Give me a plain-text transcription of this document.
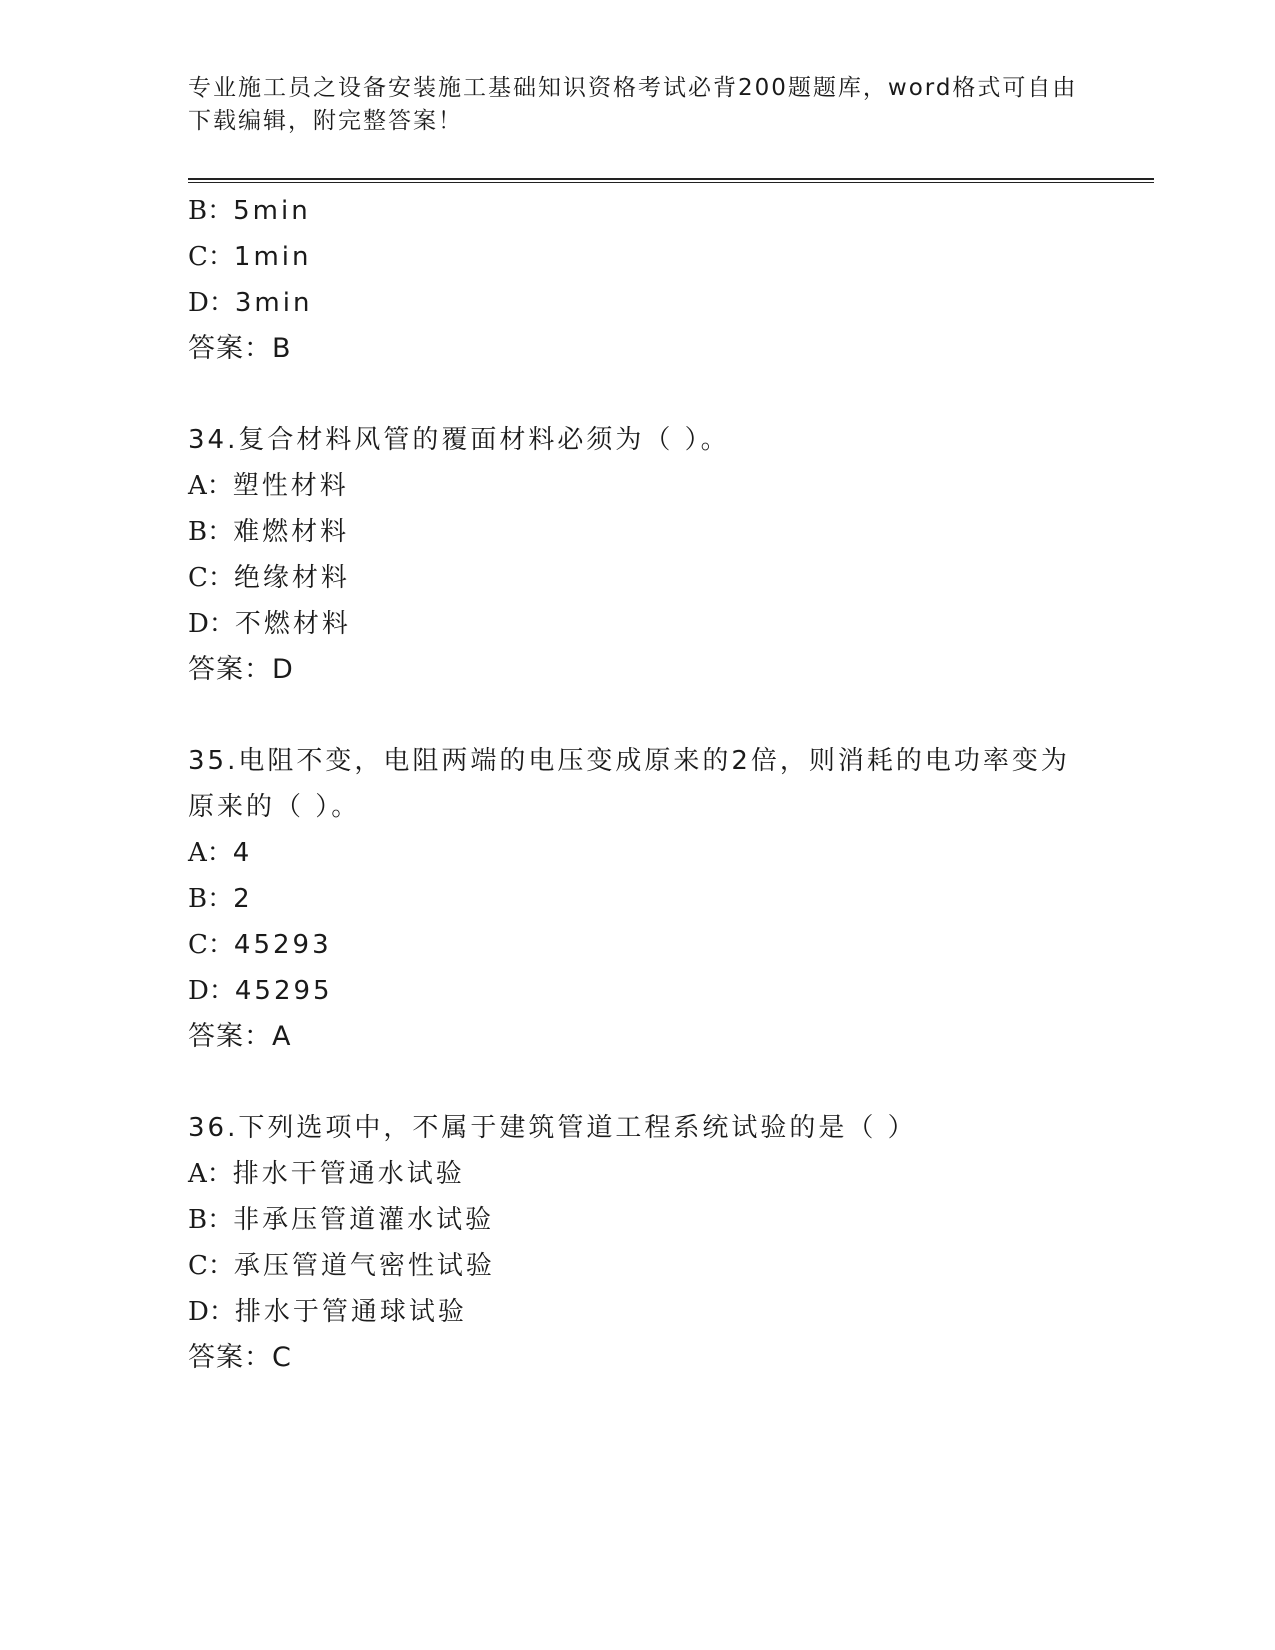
专业施工员之设备安装施工基础知识资格考试必背200题题库，word格式可自由
下载编辑，附完整答案！
B：5min
C：1min
D：3min
答案：B
34.复合材料风管的覆面材料必须为（ ）。
A：塑性材料
B：难燃材料
C：绝缘材料
D：不燃材料
答案：D
35.电阻不变，电阻两端的电压变成原来的2倍，则消耗的电功率变为
原来的（ ）。
A：4
B：2
C：45293
D：45295
答案：A
36.下列选项中，不属于建筑管道工程系统试验的是（ ）
A：排水干管通水试验
B：非承压管道灌水试验
C：承压管道气密性试验
D：排水于管通球试验
答案：C
